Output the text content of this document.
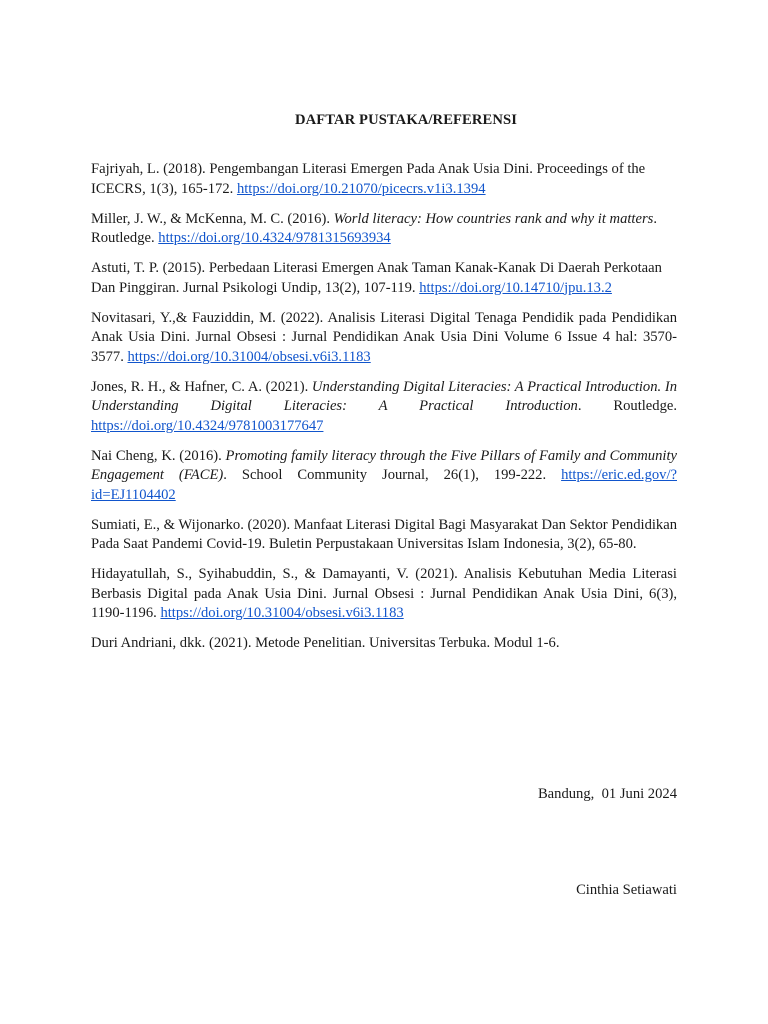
DAFTAR PUSTAKA/REFERENSI

Fajriyah, L. (2018). Pengembangan Literasi Emergen Pada Anak Usia Dini. Proceedings of the ICECRS, 1(3), 165-172. https://doi.org/10.21070/picecrs.v1i3.1394

Miller, J. W., & McKenna, M. C. (2016). World literacy: How countries rank and why it matters. Routledge. https://doi.org/10.4324/9781315693934

Astuti, T. P. (2015). Perbedaan Literasi Emergen Anak Taman Kanak-Kanak Di Daerah Perkotaan Dan Pinggiran. Jurnal Psikologi Undip, 13(2), 107-119. https://doi.org/10.14710/jpu.13.2

Novitasari, Y.,& Fauziddin, M. (2022). Analisis Literasi Digital Tenaga Pendidik pada Pendidikan Anak Usia Dini. Jurnal Obsesi : Jurnal Pendidikan Anak Usia Dini Volume 6 Issue 4 hal: 3570-3577. https://doi.org/10.31004/obsesi.v6i3.1183

Jones, R. H., & Hafner, C. A. (2021). Understanding Digital Literacies: A Practical Introduction. In Understanding Digital Literacies: A Practical Introduction. Routledge. https://doi.org/10.4324/9781003177647

Nai Cheng, K. (2016). Promoting family literacy through the Five Pillars of Family and Community Engagement (FACE). School Community Journal, 26(1), 199-222. https://eric.ed.gov/?id=EJ1104402

Sumiati, E., & Wijonarko. (2020). Manfaat Literasi Digital Bagi Masyarakat Dan Sektor Pendidikan Pada Saat Pandemi Covid-19. Buletin Perpustakaan Universitas Islam Indonesia, 3(2), 65-80.

Hidayatullah, S., Syihabuddin, S., & Damayanti, V. (2021). Analisis Kebutuhan Media Literasi Berbasis Digital pada Anak Usia Dini. Jurnal Obsesi : Jurnal Pendidikan Anak Usia Dini, 6(3), 1190-1196. https://doi.org/10.31004/obsesi.v6i3.1183

Duri Andriani, dkk. (2021). Metode Penelitian. Universitas Terbuka. Modul 1-6.

Bandung,  01 Juni 2024
Cinthia Setiawati
